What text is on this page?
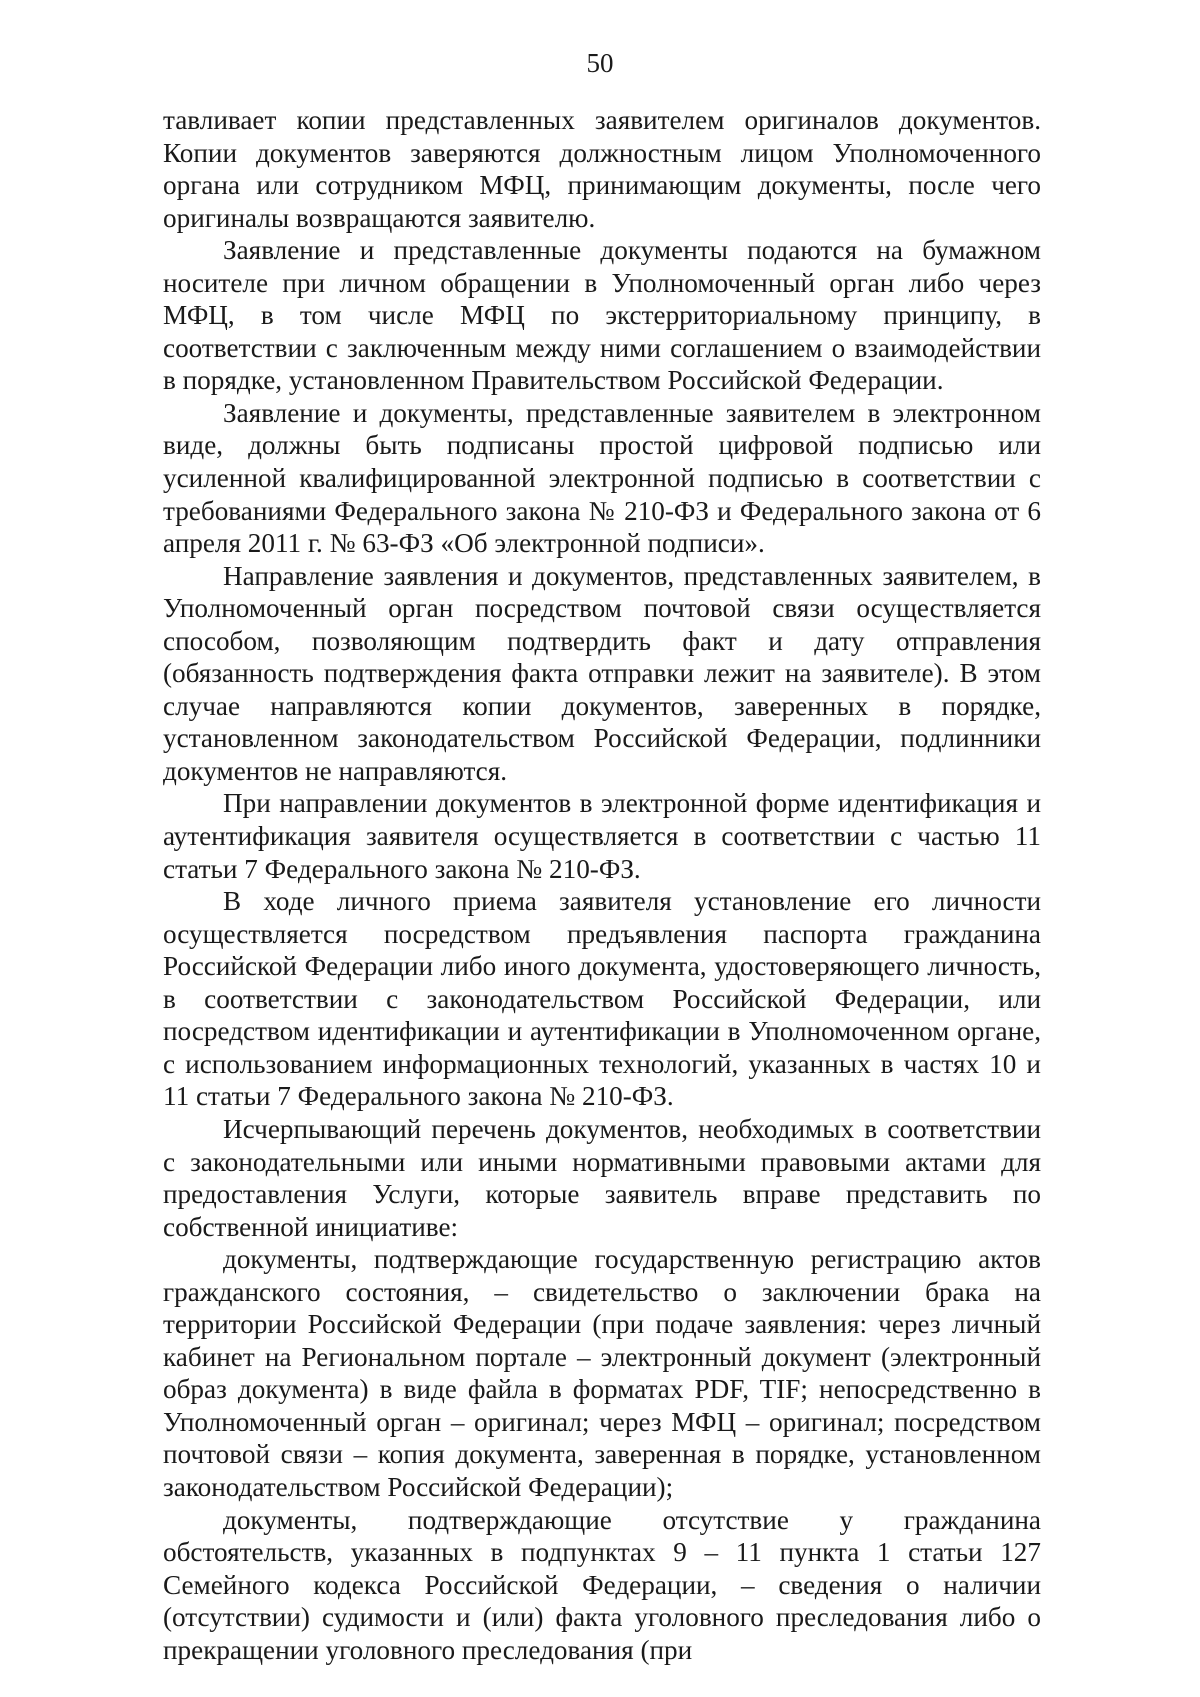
50

тавливает копии представленных заявителем оригиналов документов. Копии документов заверяются должностным лицом Уполномоченного органа или сотрудником МФЦ, принимающим документы, после чего оригиналы возвращаются заявителю.

Заявление и представленные документы подаются на бумажном носителе при личном обращении в Уполномоченный орган либо через МФЦ, в том числе МФЦ по экстерриториальному принципу, в соответствии с заключенным между ними соглашением о взаимодействии в порядке, установленном Правительством Российской Федерации.

Заявление и документы, представленные заявителем в электронном виде, должны быть подписаны простой цифровой подписью или усиленной квалифицированной электронной подписью в соответствии с требованиями Федерального закона № 210-ФЗ и Федерального закона от 6 апреля 2011 г. № 63-ФЗ «Об электронной подписи».

Направление заявления и документов, представленных заявителем, в Уполномоченный орган посредством почтовой связи осуществляется способом, позволяющим подтвердить факт и дату отправления (обязанность подтверждения факта отправки лежит на заявителе). В этом случае направляются копии документов, заверенных в порядке, установленном законодательством Российской Федерации, подлинники документов не направляются.

При направлении документов в электронной форме идентификация и аутентификация заявителя осуществляется в соответствии с частью 11 статьи 7 Федерального закона № 210-ФЗ.

В ходе личного приема заявителя установление его личности осуществляется посредством предъявления паспорта гражданина Российской Федерации либо иного документа, удостоверяющего личность, в соответствии с законодательством Российской Федерации, или посредством идентификации и аутентификации в Уполномоченном органе, с использованием информационных технологий, указанных в частях 10 и 11 статьи 7 Федерального закона № 210-ФЗ.

Исчерпывающий перечень документов, необходимых в соответствии с законодательными или иными нормативными правовыми актами для предоставления Услуги, которые заявитель вправе представить по собственной инициативе:

документы, подтверждающие государственную регистрацию актов гражданского состояния, – свидетельство о заключении брака на территории Российской Федерации (при подаче заявления: через личный кабинет на Региональном портале – электронный документ (электронный образ документа) в виде файла в форматах PDF, TIF; непосредственно в Уполномоченный орган – оригинал; через МФЦ – оригинал; посредством почтовой связи – копия документа, заверенная в порядке, установленном законодательством Российской Федерации);

документы, подтверждающие отсутствие у гражданина обстоятельств, указанных в подпунктах 9 – 11 пункта 1 статьи 127 Семейного кодекса Российской Федерации, – сведения о наличии (отсутствии) судимости и (или) факта уголовного преследования либо о прекращении уголовного преследования (при
